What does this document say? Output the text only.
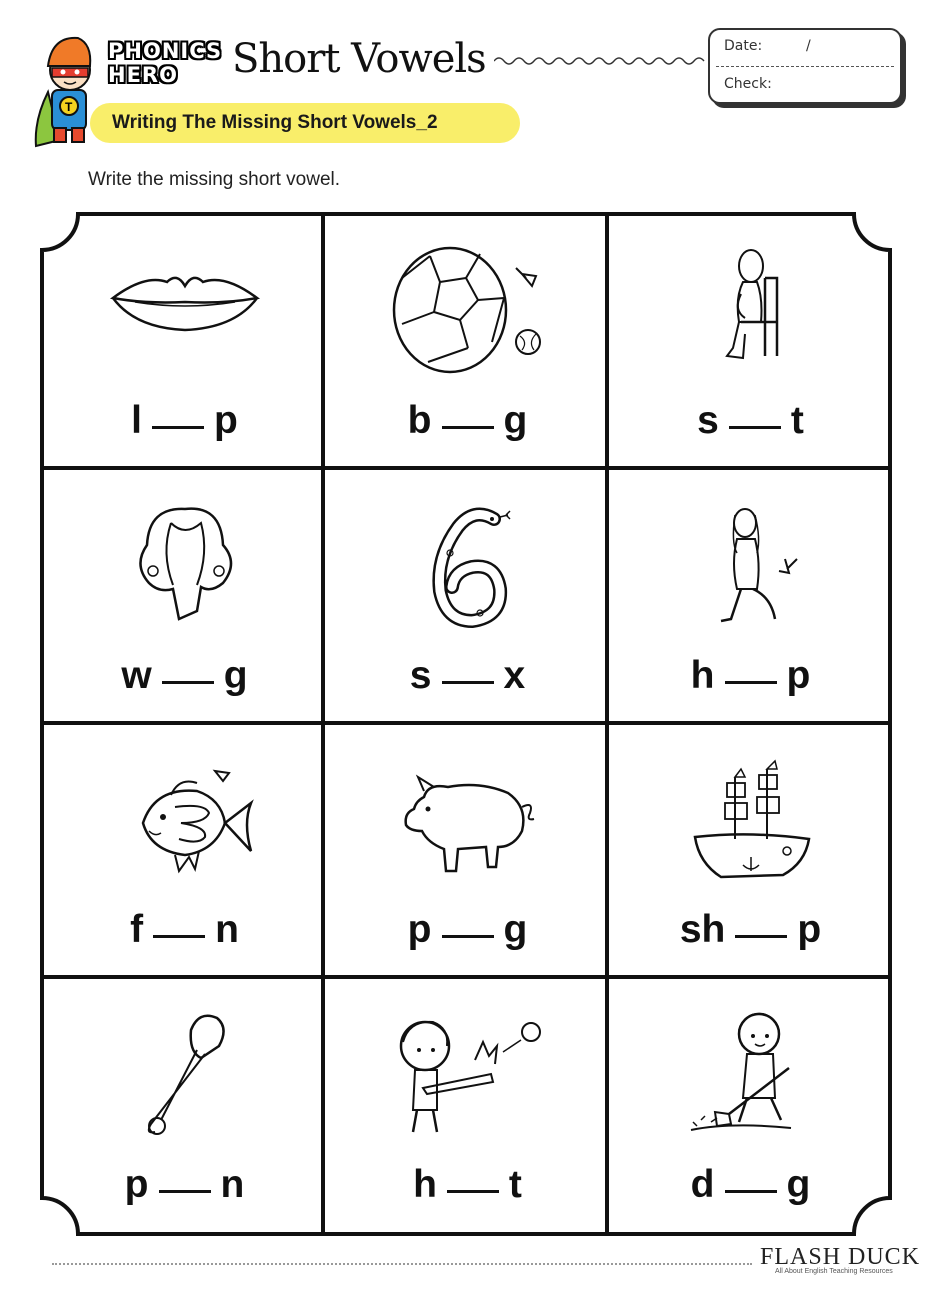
T
PHONICS
HERO Short Vowels	Date:	/
Check:
Writing The Missing Short Vowels_2
Write the missing short vowel.
l p	b g	s t
w g	s x	h p
f n	p g	sh p
p n	h t	d g
FLASH DUCK
All About English Teaching Resources
